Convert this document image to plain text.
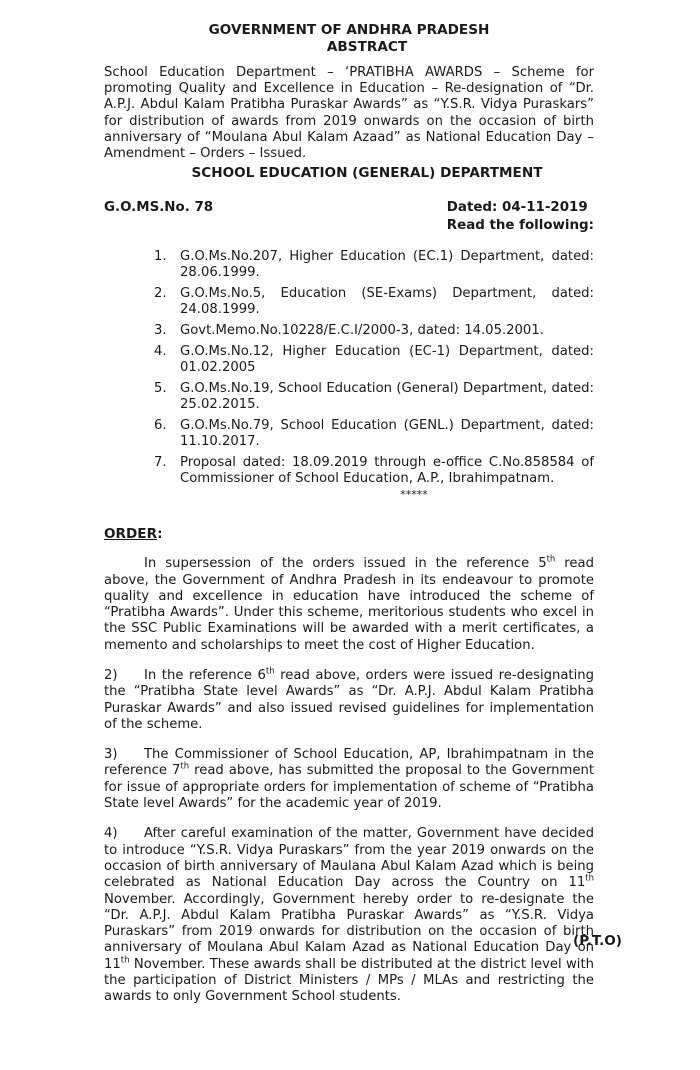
GOVERNMENT OF ANDHRA PRADESH
ABSTRACT
School Education Department – ‘PRATIBHA AWARDS – Scheme for promoting Quality and Excellence in Education – Re-designation of “Dr. A.P.J. Abdul Kalam Pratibha Puraskar Awards” as “Y.S.R. Vidya Puraskars” for distribution of awards from 2019 onwards on the occasion of birth anniversary of “Moulana Abul Kalam Azaad” as National Education Day – Amendment – Orders – Issued.
SCHOOL EDUCATION (GENERAL) DEPARTMENT
G.O.MS.No. 78	Dated: 04-11-2019
Read the following:
1.	G.O.Ms.No.207, Higher Education (EC.1) Department, dated: 28.06.1999.
2.	G.O.Ms.No.5, Education (SE-Exams) Department, dated: 24.08.1999.
3.	Govt.Memo.No.10228/E.C.I/2000-3, dated: 14.05.2001.
4.	G.O.Ms.No.12, Higher Education (EC-1) Department, dated: 01.02.2005
5.	G.O.Ms.No.19, School Education (General) Department, dated: 25.02.2015.
6.	G.O.Ms.No.79, School Education (GENL.) Department, dated: 11.10.2017.
7.	Proposal dated: 18.09.2019 through e-office C.No.858584 of Commissioner of School Education, A.P., Ibrahimpatnam.
*****
ORDER:
In supersession of the orders issued in the reference 5th read above, the Government of Andhra Pradesh in its endeavour to promote quality and excellence in education have introduced the scheme of “Pratibha Awards”. Under this scheme, meritorious students who excel in the SSC Public Examinations will be awarded with a merit certificates, a memento and scholarships to meet the cost of Higher Education.
2) In the reference 6th read above, orders were issued re-designating the “Pratibha State level Awards” as “Dr. A.P.J. Abdul Kalam Pratibha Puraskar Awards” and also issued revised guidelines for implementation of the scheme.
3) The Commissioner of School Education, AP, Ibrahimpatnam in the reference 7th read above, has submitted the proposal to the Government for issue of appropriate orders for implementation of scheme of “Pratibha State level Awards” for the academic year of 2019.
4) After careful examination of the matter, Government have decided to introduce “Y.S.R. Vidya Puraskars” from the year 2019 onwards on the occasion of birth anniversary of Maulana Abul Kalam Azad which is being celebrated as National Education Day across the Country on 11th November. Accordingly, Government hereby order to re-designate the “Dr. A.P.J. Abdul Kalam Pratibha Puraskar Awards” as “Y.S.R. Vidya Puraskars” from 2019 onwards for distribution on the occasion of birth anniversary of Moulana Abul Kalam Azad as National Education Day on 11th November. These awards shall be distributed at the district level with the participation of District Ministers / MPs / MLAs and restricting the awards to only Government School students.
(P.T.O)
